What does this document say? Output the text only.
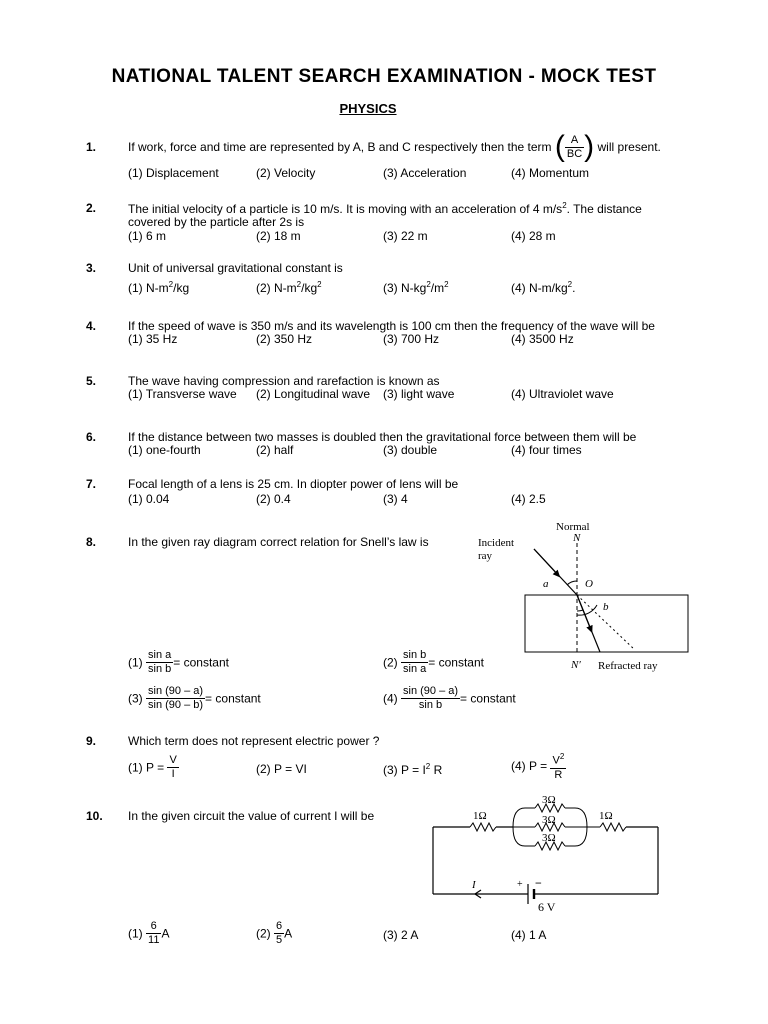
NATIONAL TALENT SEARCH EXAMINATION - MOCK TEST
PHYSICS
1.	If work, force and time are represented by A, B and C respectively then the term ( $\frac{A}{BC}$ ) will present.
(1) Displacement	(2) Velocity	(3) Acceleration	(4) Momentum
2.	The initial velocity of a particle is 10 m/s. It is moving with an acceleration of 4 $m/s^2$. The distance
covered by the particle after 2s is
(1) 6 m	(2) 18 m	(3) 22 m	(4) 28 m
3.	Unit of universal gravitational constant is
(1) $N-m^2/kg$	(2) $N-m^2/kg^2$	(3) $N-kg^2/m^2$	(4) $N-m/kg^2$.
4.	If the speed of wave is 350 m/s and its wavelength is 100 cm then the frequency of the wave will be
(1) 35 Hz	(2) 350 Hz	(3) 700 Hz	(4) 3500 Hz
5.	The wave having compression and rarefaction is known as
(1) Transverse wave (2) Longitudinal wave (3) light wave	(4) Ultraviolet wave
6.	If the distance between two masses is doubled then the gravitational force between them will be
(1) one-fourth	(2) half	(3) double	(4) four times
7.	Focal length of a lens is 25 cm. In diopter power of lens will be
(1) 0.04	(2) 0.4	(3) 4	(4) 2.5
8.	In the given ray diagram correct relation for Snell’s law is
Normal
N
Incident
ray
a	O
b
N′ Refracted ray
$(1) \frac{\text{sin a}}{\text{sin b}}$ = constant	$(2) \frac{\text{sin b}}{\text{sin a}}$ = constant
$(3) \frac{\sin (90 - a)}{\sin (90 - b)}$ = constant	$(4) \frac{\sin (90 - a)}{\text{sin b}}$ = constant
9.	Which term does not represent electric power ?
(1) $P = \frac{V}{I}$	(2) P = VI	(3) $P = I^2$ R	(4) $P = \frac{V^2}{R}$
10. In the given circuit the value of current I will be	1Ω
3Ω
3Ω
3Ω
1Ω
I	+ −
6 V
$(1) \frac{6}{11}$ A	$(2) \frac{6}{5}$ A	(3) 2 A	(4) 1 A
